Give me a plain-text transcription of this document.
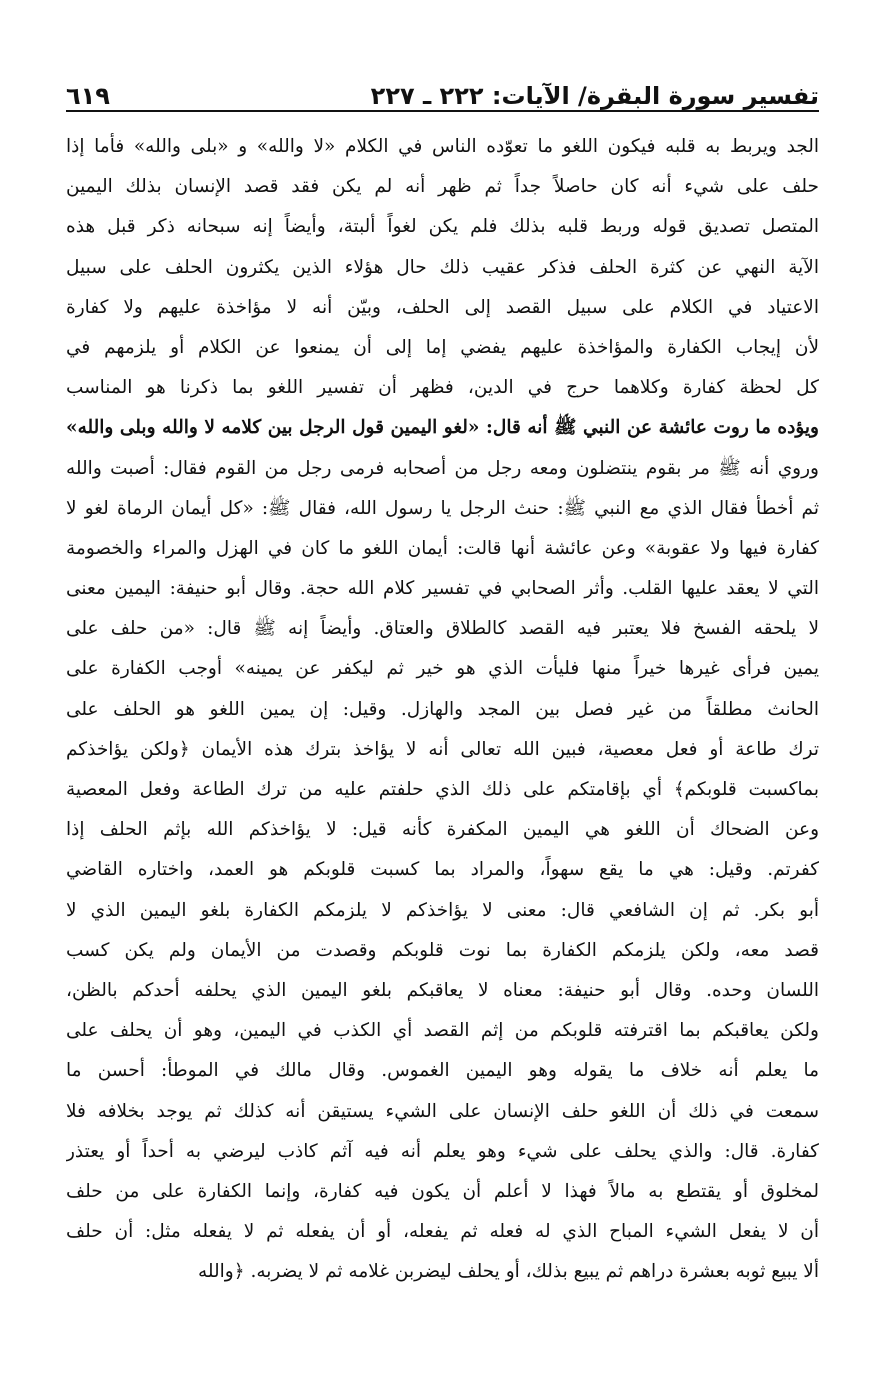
تفسير سورة البقرة/ الآيات: ٢٢٢ ـ ٢٢٧
٦١٩
الجد ويربط به قلبه فيكون اللغو ما تعوّده الناس في الكلام «لا والله» و «بلى والله» فأما إذا
حلف على شيء أنه كان حاصلاً جداً ثم ظهر أنه لم يكن فقد قصد الإنسان بذلك اليمين
المتصل تصديق قوله وربط قلبه بذلك فلم يكن لغواً ألبتة، وأيضاً إنه سبحانه ذكر قبل هذه
الآية النهي عن كثرة الحلف فذكر عقيب ذلك حال هؤلاء الذين يكثرون الحلف على سبيل
الاعتياد في الكلام على سبيل القصد إلى الحلف، وبيّن أنه لا مؤاخذة عليهم ولا كفارة
لأن إيجاب الكفارة والمؤاخذة عليهم يفضي إما إلى أن يمنعوا عن الكلام أو يلزمهم في
كل لحظة كفارة وكلاهما حرج في الدين، فظهر أن تفسير اللغو بما ذكرنا هو المناسب
ويؤده ما روت عائشة عن النبي ﷺ أنه قال: «لغو اليمين قول الرجل بين كلامه لا والله وبلى والله»
وروي أنه ﷺ مر بقوم ينتضلون ومعه رجل من أصحابه فرمى رجل من القوم فقال: أصبت والله
ثم أخطأ فقال الذي مع النبي ﷺ: حنث الرجل يا رسول الله، فقال ﷺ: «كل أيمان الرماة لغو لا
كفارة فيها ولا عقوبة» وعن عائشة أنها قالت: أيمان اللغو ما كان في الهزل والمراء والخصومة
التي لا يعقد عليها القلب. وأثر الصحابي في تفسير كلام الله حجة. وقال أبو حنيفة: اليمين معنى
لا يلحقه الفسخ فلا يعتبر فيه القصد كالطلاق والعتاق. وأيضاً إنه ﷺ قال: «من حلف على
يمين فرأى غيرها خيراً منها فليأت الذي هو خير ثم ليكفر عن يمينه» أوجب الكفارة على
الحانث مطلقاً من غير فصل بين المجد والهازل. وقيل: إن يمين اللغو هو الحلف على
ترك طاعة أو فعل معصية، فبين الله تعالى أنه لا يؤاخذ بترك هذه الأيمان ﴿ولكن يؤاخذكم
بماكسبت قلوبكم﴾ أي بإقامتكم على ذلك الذي حلفتم عليه من ترك الطاعة وفعل المعصية
وعن الضحاك أن اللغو هي اليمين المكفرة كأنه قيل: لا يؤاخذكم الله بإثم الحلف إذا
كفرتم. وقيل: هي ما يقع سهواً، والمراد بما كسبت قلوبكم هو العمد، واختاره القاضي
أبو بكر. ثم إن الشافعي قال: معنى لا يؤاخذكم لا يلزمكم الكفارة بلغو اليمين الذي لا
قصد معه، ولكن يلزمكم الكفارة بما نوت قلوبكم وقصدت من الأيمان ولم يكن كسب
اللسان وحده. وقال أبو حنيفة: معناه لا يعاقبكم بلغو اليمين الذي يحلفه أحدكم بالظن،
ولكن يعاقبكم بما اقترفته قلوبكم من إثم القصد أي الكذب في اليمين، وهو أن يحلف على
ما يعلم أنه خلاف ما يقوله وهو اليمين الغموس. وقال مالك في الموطأ: أحسن ما
سمعت في ذلك أن اللغو حلف الإنسان على الشيء يستيقن أنه كذلك ثم يوجد بخلافه فلا
كفارة. قال: والذي يحلف على شيء وهو يعلم أنه فيه آثم كاذب ليرضي به أحداً أو يعتذر
لمخلوق أو يقتطع به مالاً فهذا لا أعلم أن يكون فيه كفارة، وإنما الكفارة على من حلف
أن لا يفعل الشيء المباح الذي له فعله ثم يفعله، أو أن يفعله ثم لا يفعله مثل: أن حلف
ألا يبيع ثوبه بعشرة دراهم ثم يبيع بذلك، أو يحلف ليضربن غلامه ثم لا يضربه. ﴿والله
